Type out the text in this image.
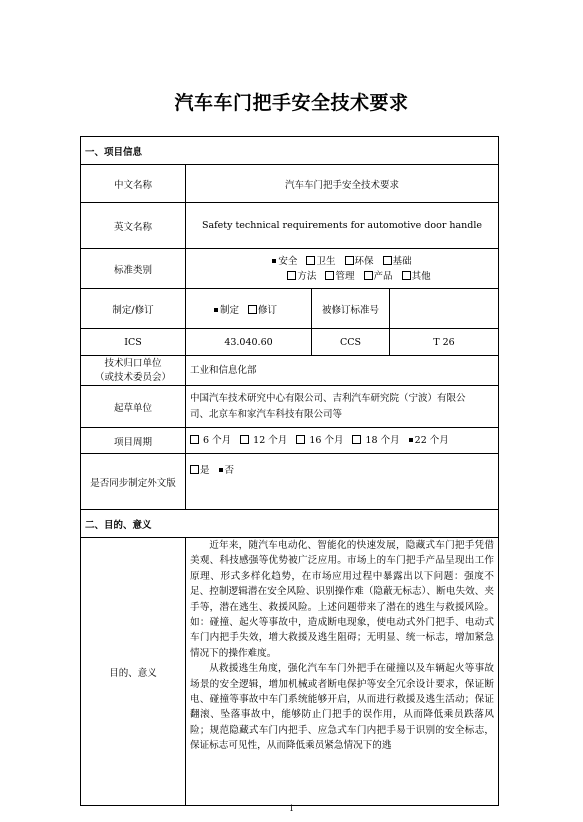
汽车车门把手安全技术要求
一、项目信息			
中文名称	汽车车门把手安全技术要求		
英文名称	Safety technical requirements for automotive door handle		
标准类别	安全 卫生 环保 基础
方法 管理 产品 其他		

制定/修订	制定 修订	被修订标准号	
ICS	43.040.60	CCS	T 26

技术归口单位
（或技术委员会）	工业和信息化部		
起草单位	中国汽车技术研究中心有限公司、吉利汽车研究院（宁波）有限公
司、北京车和家汽车科技有限公司等		

项目周期	6 个月 12 个月 16 个月 18 个月 22 个月		
是否同步制定外文版	是 否		
二、目的、意义			
目的、意义	近年来，随汽车电动化、智能化的快速发展，隐藏式车门把手凭借美观、科技感强等优势被广泛应用。市场上的车门把手产品呈现出工作原理、形式多样化趋势，在市场应用过程中暴露出以下问题：强度不足、控制逻辑潜在安全风险、识别操作难（隐蔽无标志）、断电失效、夹手等，潜在逃生、救援风险。上述问题带来了潜在的逃生与救援风险。如：碰撞、起火等事故中，造成断电现象，使电动式外门把手、电动式车门内把手失效，增大救援及逃生阻碍；无明显、统一标志，增加紧急情况下的操作难度。

从救援逃生角度，强化汽车车门外把手在碰撞以及车辆起火等事故场景的安全逻辑，增加机械或者断电保护等安全冗余设计要求，保证断电、碰撞等事故中车门系统能够开启，从而进行救援及逃生活动；保证翻滚、坠落事故中，能够防止门把手的误作用，从而降低乘员跌落风险；规范隐藏式车门内把手、应急式车门内把手易于识别的安全标志，保证标志可见性，从而降低乘员紧急情况下的逃		

1
